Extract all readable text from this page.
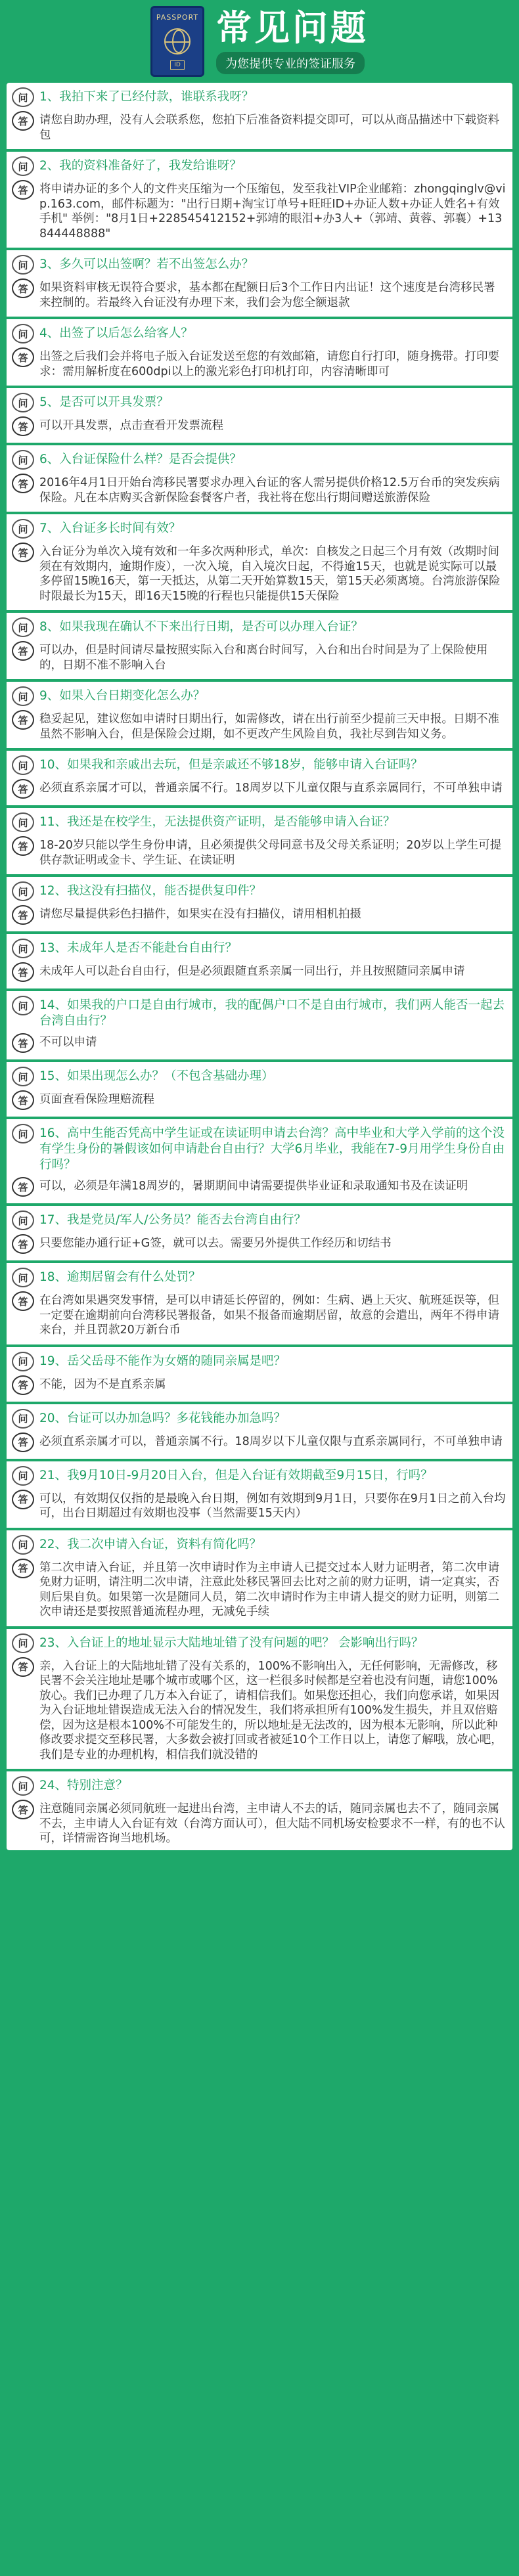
PASSPORT
ID
常见问题
为您提供专业的签证服务
问 1、我拍下来了已经付款，谁联系我呀？
答	请您自助办理，没有人会联系您，您拍下后准备资料提交即可，可以从商品描述中下载资料包
问 2、我的资料准备好了，我发给谁呀？
答	将申请办证的多个人的文件夹压缩为一个压缩包，发至我社VIP企业邮箱：zhongqinglv@vip.163.com，邮件标题为："出行日期+淘宝订单号+旺旺ID+办证人数+办证人姓名+有效手机" 举例："8月1日+228545412152+郭靖的眼泪+办3人+（郭靖、黄蓉、郭襄）+13844448888"
问 3、多久可以出签啊？若不出签怎么办？
答	如果资料审核无误符合要求，基本都在配额日后3个工作日内出证！这个速度是台湾移民署来控制的。若最终入台证没有办理下来，我们会为您全额退款
问 4、出签了以后怎么给客人？
答	出签之后我们会并将电子版入台证发送至您的有效邮箱，请您自行打印，随身携带。打印要求：需用解析度在600dpi以上的激光彩色打印机打印，内容清晰即可
问 5、是否可以开具发票？
答	可以开具发票，点击查看开发票流程
问 6、入台证保险什么样？是否会提供？
答	2016年4月1日开始台湾移民署要求办理入台证的客人需另提供价格12.5万台币的突发疾病保险。凡在本店购买含新保险套餐客户者，我社将在您出行期间赠送旅游保险
问 7、入台证多长时间有效？
答	入台证分为单次入境有效和一年多次两种形式，单次：自核发之日起三个月有效（改期时间须在有效期内，逾期作废），一次入境，自入境次日起，不得逾15天，也就是说实际可以最多停留15晚16天，第一天抵达，从第二天开始算数15天，第15天必须离境。台湾旅游保险时限最长为15天，即16天15晚的行程也只能提供15天保险
问 8、如果我现在确认不下来出行日期，是否可以办理入台证？
答	可以办，但是时间请尽量按照实际入台和离台时间写，入台和出台时间是为了上保险使用的，日期不准不影响入台
问 9、如果入台日期变化怎么办？
答	稳妥起见，建议您如申请时日期出行，如需修改，请在出行前至少提前三天申报。日期不准虽然不影响入台，但是保险会过期，如不更改产生风险自负，我社尽到告知义务。
问 10、如果我和亲戚出去玩，但是亲戚还不够18岁，能够申请入台证吗？
答	必须直系亲属才可以，普通亲属不行。18周岁以下儿童仅限与直系亲属同行，不可单独申请
问 11、我还是在校学生，无法提供资产证明，是否能够申请入台证？
答	18-20岁只能以学生身份申请，且必须提供父母同意书及父母关系证明；20岁以上学生可提供存款证明或金卡、学生证、在读证明
问 12、我这没有扫描仪，能否提供复印件？
答	请您尽量提供彩色扫描件，如果实在没有扫描仪，请用相机拍摄
问 13、未成年人是否不能赴台自由行？
答	未成年人可以赴台自由行，但是必须跟随直系亲属一同出行，并且按照随同亲属申请
问 14、如果我的户口是自由行城市，我的配偶户口不是自由行城市，我们两人能否一起去台湾自由行？
答	不可以申请
问 15、如果出现怎么办？（不包含基础办理）
答	页面查看保险理赔流程
问 16、高中生能否凭高中学生证或在读证明申请去台湾？高中毕业和大学入学前的这个没有学生身份的暑假该如何申请赴台自由行？大学6月毕业，我能在7-9月用学生身份自由行吗？
答	可以，必须是年满18周岁的，暑期期间申请需要提供毕业证和录取通知书及在读证明
问 17、我是党员/军人/公务员？能否去台湾自由行？
答	只要您能办通行证+G签，就可以去。需要另外提供工作经历和切结书
问 18、逾期居留会有什么处罚？
答	在台湾如果遇突发事情，是可以申请延长停留的，例如：生病、遇上天灾、航班延误等，但一定要在逾期前向台湾移民署报备，如果不报备而逾期居留，故意的会遣出，两年不得申请来台，并且罚款20万新台币
问 19、岳父岳母不能作为女婿的随同亲属是吧？
答	不能，因为不是直系亲属
问 20、台证可以办加急吗？多花钱能办加急吗？
答	必须直系亲属才可以，普通亲属不行。18周岁以下儿童仅限与直系亲属同行，不可单独申请
问 21、我9月10日-9月20日入台，但是入台证有效期截至9月15日，行吗？
答	可以，有效期仅仅指的是最晚入台日期，例如有效期到9月1日，只要你在9月1日之前入台均可，出台日期超过有效期也没事（当然需要15天内）
问 22、我二次申请入台证，资料有简化吗？
答	第二次申请入台证，并且第一次申请时作为主申请人已提交过本人财力证明者，第二次申请免财力证明，请注明二次申请，注意此处移民署回去比对之前的财力证明，请一定真实，否则后果自负。如果第一次是随同人员，第二次申请时作为主申请人提交的财力证明，则第二次申请还是要按照普通流程办理，无减免手续
问 23、入台证上的地址显示大陆地址错了没有问题的吧？ 会影响出行吗？
答	亲，入台证上的大陆地址错了没有关系的，100%不影响出入，无任何影响，无需修改，移民署不会关注地址是哪个城市或哪个区，这一栏很多时候都是空着也没有问题，请您100%放心。我们已办理了几万本入台证了，请相信我们。如果您还担心，我们向您承诺，如果因为入台证地址错误造成无法入台的情况发生，我们将承担所有100%发生损失，并且双倍赔偿，因为这是根本100%不可能发生的，所以地址是无法改的，因为根本无影响，所以此种修改要求提交至移民署，大多数会被打回或者被延10个工作日以上，请您了解哦，放心吧，我们是专业的办理机构，相信我们就没错的
问 24、特别注意？
答	注意随同亲属必须同航班一起进出台湾，主申请人不去的话，随同亲属也去不了，随同亲属不去，主申请人入台证有效（台湾方面认可），但大陆不同机场安检要求不一样，有的也不认可，详情需咨询当地机场。
